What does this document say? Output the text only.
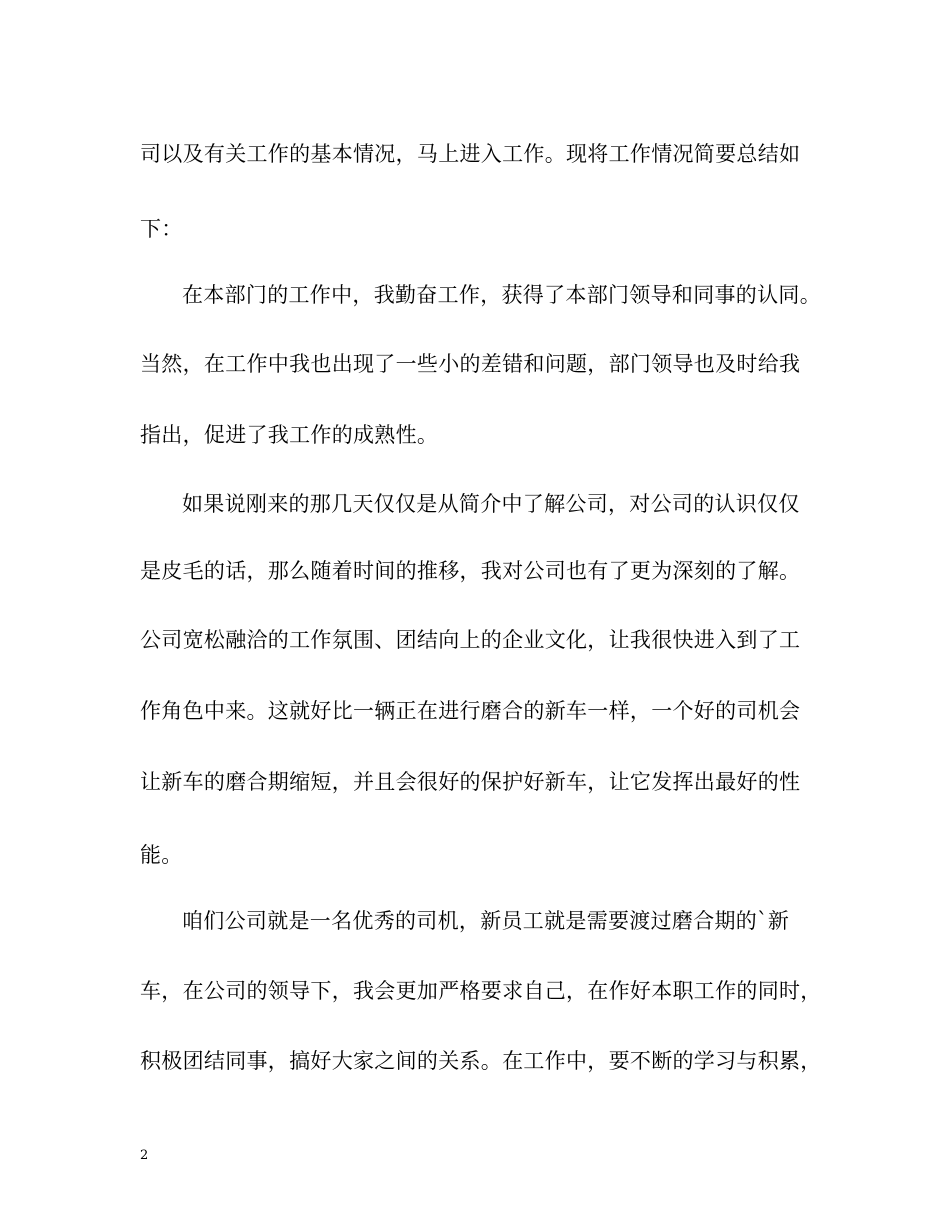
司以及有关工作的基本情况，马上进入工作。现将工作情况简要总结如
下：
在本部门的工作中，我勤奋工作，获得了本部门领导和同事的认同。
当然，在工作中我也出现了一些小的差错和问题，部门领导也及时给我
指出，促进了我工作的成熟性。
如果说刚来的那几天仅仅是从简介中了解公司，对公司的认识仅仅
是皮毛的话，那么随着时间的推移，我对公司也有了更为深刻的了解。
公司宽松融洽的工作氛围、团结向上的企业文化，让我很快进入到了工
作角色中来。这就好比一辆正在进行磨合的新车一样，一个好的司机会
让新车的磨合期缩短，并且会很好的保护好新车，让它发挥出最好的性
能。
咱们公司就是一名优秀的司机，新员工就是需要渡过磨合期的`新
车，在公司的领导下，我会更加严格要求自己，在作好本职工作的同时，
积极团结同事，搞好大家之间的关系。在工作中，要不断的学习与积累，
2
